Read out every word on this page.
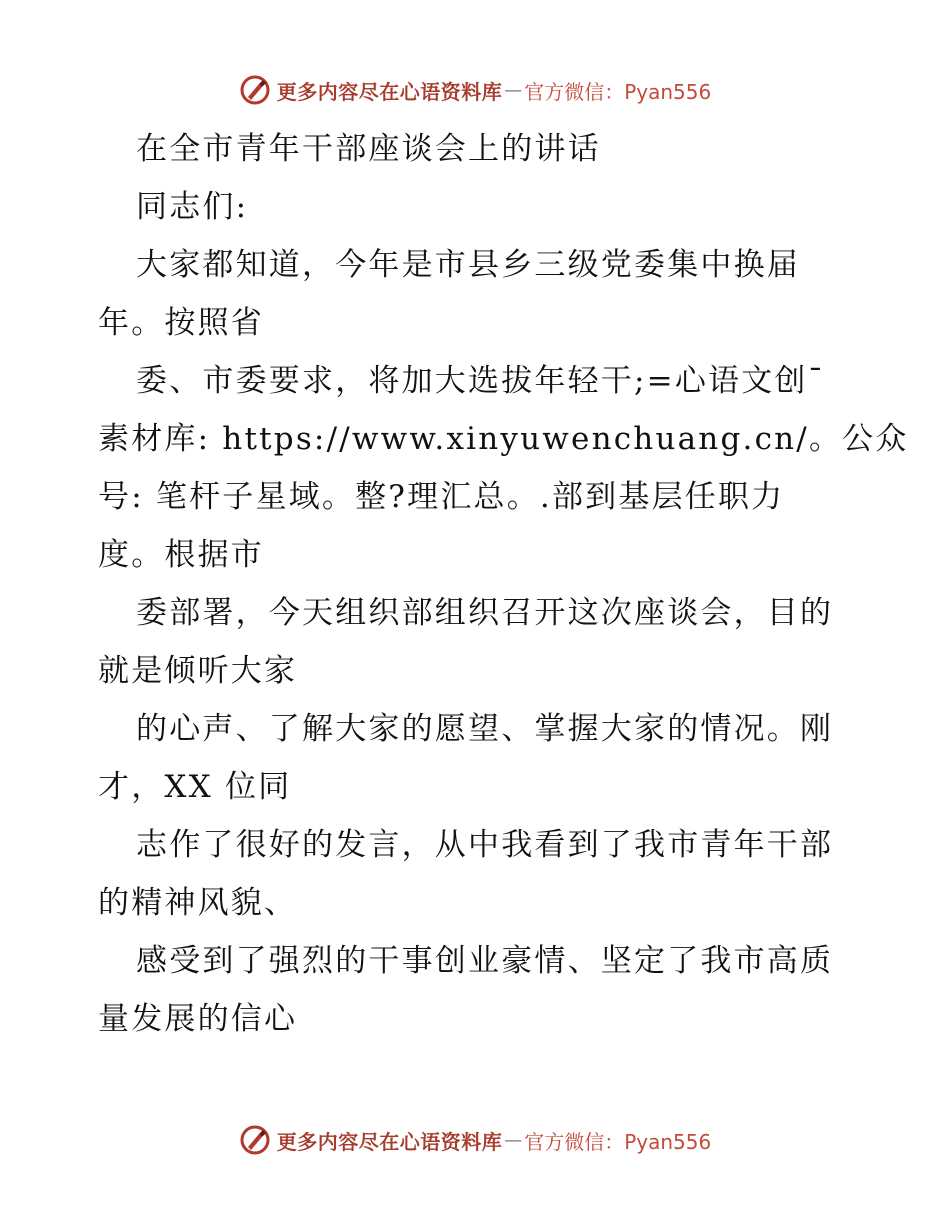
更多内容尽在心语资料库 — 官方微信：Pyan556
在全市青年干部座谈会上的讲话
同志们:
大家都知道，今年是市县乡三级党委集中换届
年。按照省
委、市委要求，将加大选拔年轻干;=心语文创¯
素材库: https://www.xinyuwenchuang.cn/。公众
号: 笔杆子星域。整?理汇总。.部到基层任职力
度。根据市
委部署，今天组织部组织召开这次座谈会，目的
就是倾听大家
的心声、了解大家的愿望、掌握大家的情况。刚
才，XX 位同
志作了很好的发言，从中我看到了我市青年干部
的精神风貌、
感受到了强烈的干事创业豪情、坚定了我市高质
量发展的信心
更多内容尽在心语资料库 — 官方微信：Pyan556
